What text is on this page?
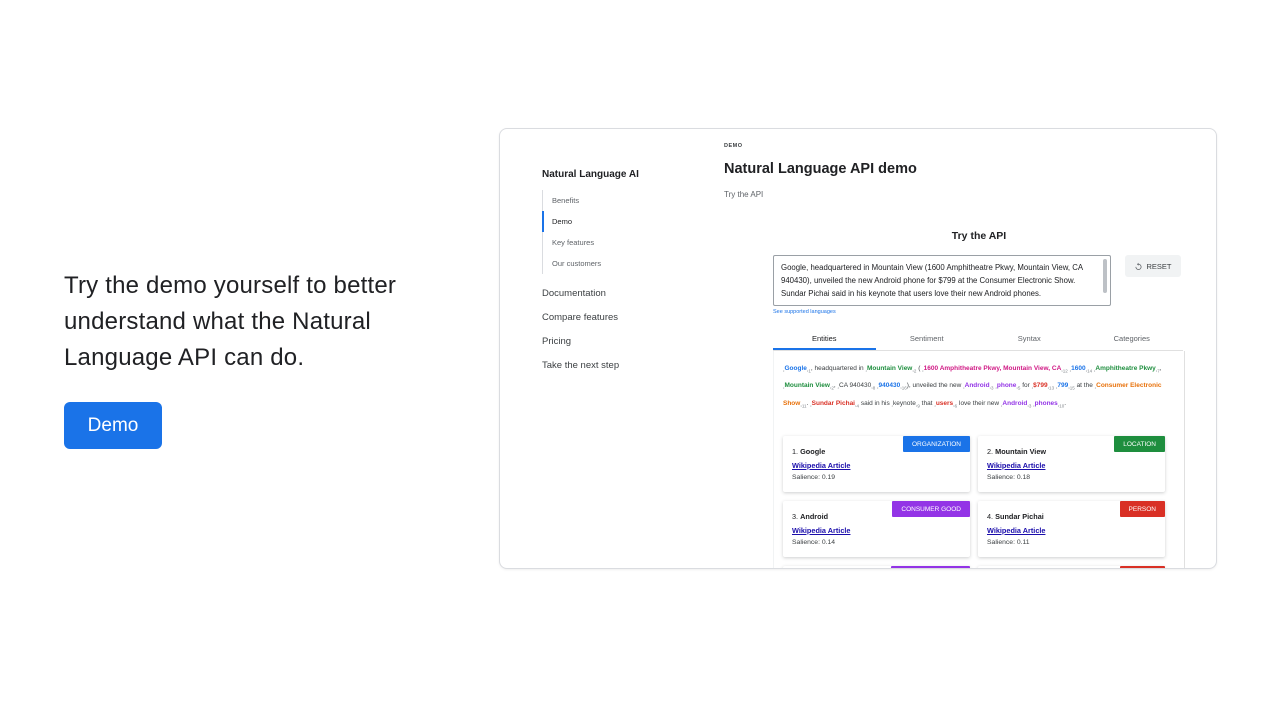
Try the demo yourself to better understand what the Natural Language API can do.
Demo
Natural Language AI
Benefits
Demo
Key features
Our customers
Documentation
Compare features
Pricing
Take the next step
DEMO
Natural Language API demo
Try the API
Try the API
Google, headquartered in Mountain View (1600 Amphitheatre Pkwy, Mountain View, CA 940430), unveiled the new Android phone for $799 at the Consumer Electronic Show. Sundar Pichai said in his keynote that users love their new Android phones.
RESET
See supported languages
Entities	Sentiment	Syntax	Categories
$_‹$Google$_{›1}$, headquartered in $_‹$Mountain View$_{›2}$ ( $_‹$1600 Amphitheatre Pkwy, Mountain View, $CA_{›12}$ $_‹1600_{›14}$ $_‹$Amphitheatre Pkwy$_{›7}$, $_‹$Mountain View$_{›2}$, $_‹$CA $940430_{›8}$ $_‹940430_{›16}$), unveiled the new $_‹$Android$_{›3}$ $_‹$phone$_{›5}$ for $_‹\$799_{›13}$ $_‹799_{›15}$ at the $_‹$Consumer Electronic Show$_{›11}$. $_‹$Sundar Pichai$_{›4}$ said in his $_‹$keynote$_{›9}$ that $_‹$users$_{›6}$ love their new $_‹$Android$_{›3}$ $_‹$phones$_{›10}$.
ORGANIZATION
1. Google
Wikipedia Article
Salience: 0.19
LOCATION
2. Mountain View
Wikipedia Article
Salience: 0.18
CONSUMER GOOD
3. Android
Wikipedia Article
Salience: 0.14
PERSON
4. Sundar Pichai
Wikipedia Article
Salience: 0.11
